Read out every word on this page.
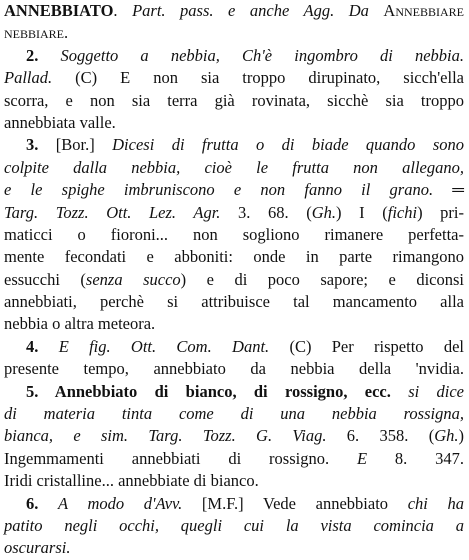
ANNEBBIATO. Part. pass. e anche Agg. Da Annebbiare
nebbiare.
2. Soggetto a nebbia, Ch'è ingombro di nebbia.
Pallad. (C) E non sia troppo dirupinato, sicch'ella
scorra, e non sia terra già rovinata, sicchè sia troppo
annebbiata valle.
3. [Bor.] Dicesi di frutta o di biade quando sono
colpite dalla nebbia, cioè le frutta non allegano,
e le spighe imbruniscono e non fanno il grano. ═
Targ. Tozz. Ott. Lez. Agr. 3. 68. (Gh.) I (fichi) pri-
maticci o fioroni... non sogliono rimanere perfetta-
mente fecondati e abboniti: onde in parte rimangono
essucchi (senza succo) e di poco sapore; e diconsi
annebbiati, perchè si attribuisce tal mancamento alla
nebbia o altra meteora.
4. E fig. Ott. Com. Dant. (C) Per rispetto del
presente tempo, annebbiato da nebbia della 'nvidia.
5. Annebbiato di bianco, di rossigno, ecc. si dice
di materia tinta come di una nebbia rossigna,
bianca, e sim. Targ. Tozz. G. Viag. 6. 358. (Gh.)
Ingemmamenti annebbiati di rossigno. E 8. 347.
Iridi cristalline... annebbiate di bianco.
6. A modo d'Avv. [M.F.] Vede annebbiato chi ha
patito negli occhi, quegli cui la vista comincia a
oscurarsi.
